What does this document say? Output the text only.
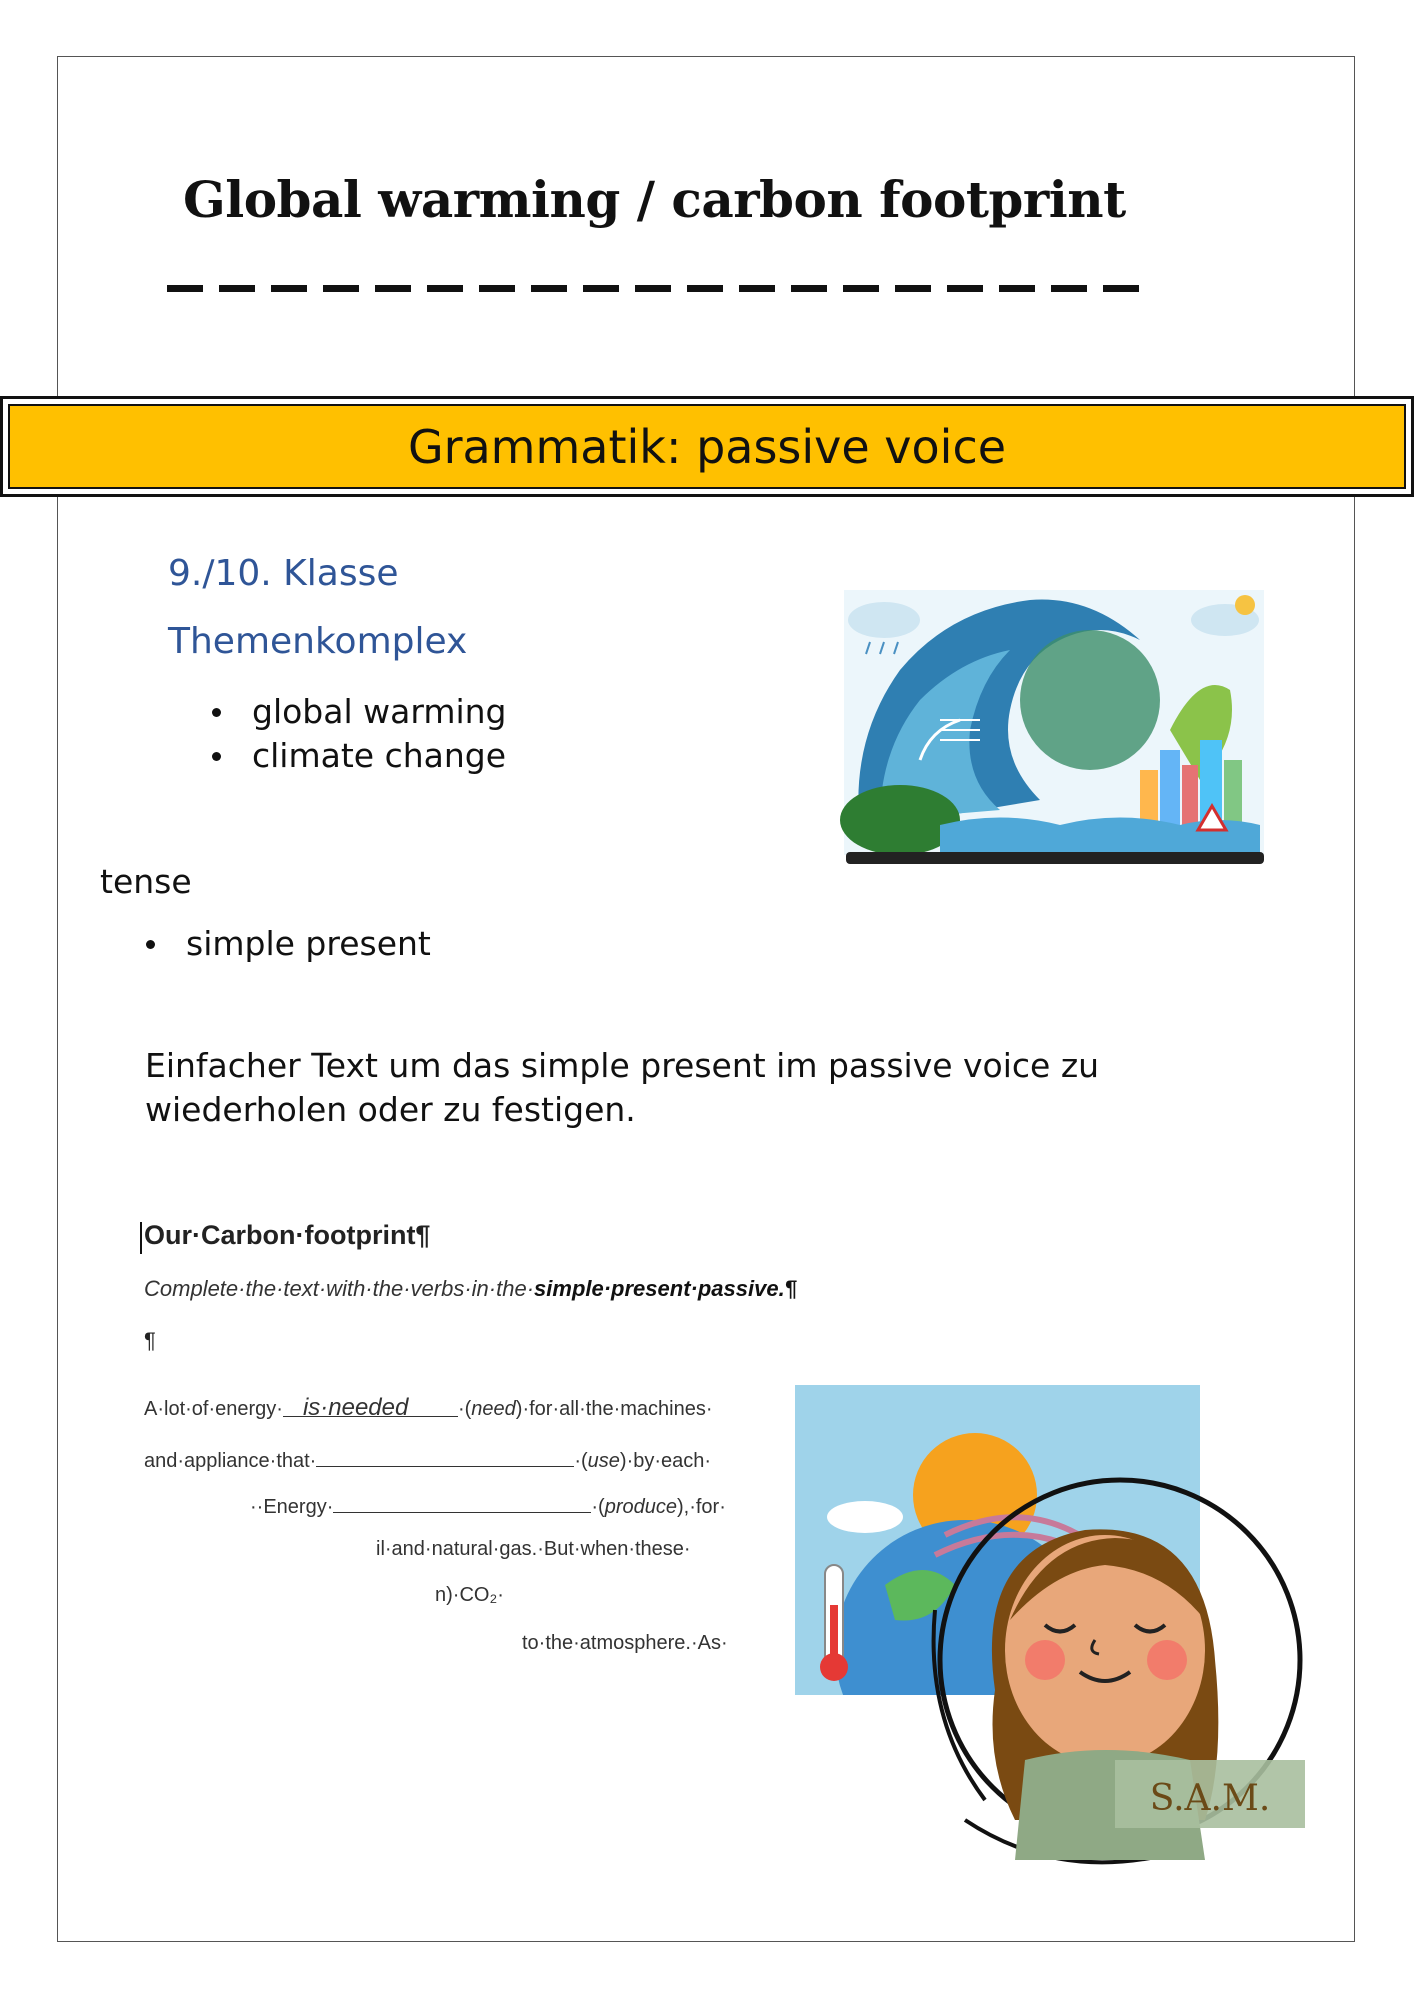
Global warming / carbon footprint
Grammatik: passive voice
9./10. Klasse
Themenkomplex
global warming
climate change
tense
simple present
Einfacher Text um das simple present im passive voice zu wiederholen oder zu festigen.
Our·Carbon·footprint¶
Complete·the·text·with·the·verbs·in·the·simple·present·passive.¶
¶
A·lot·of·energy· is·needed ·(need)·for·all·the·machines·
and·appliance·that·	·(use)·by·each·
··Energy·	·(produce),·for·
il·and·natural·gas.·But·when·these·
n)·CO₂·
to·the·atmosphere.·As·
S.A.M.
